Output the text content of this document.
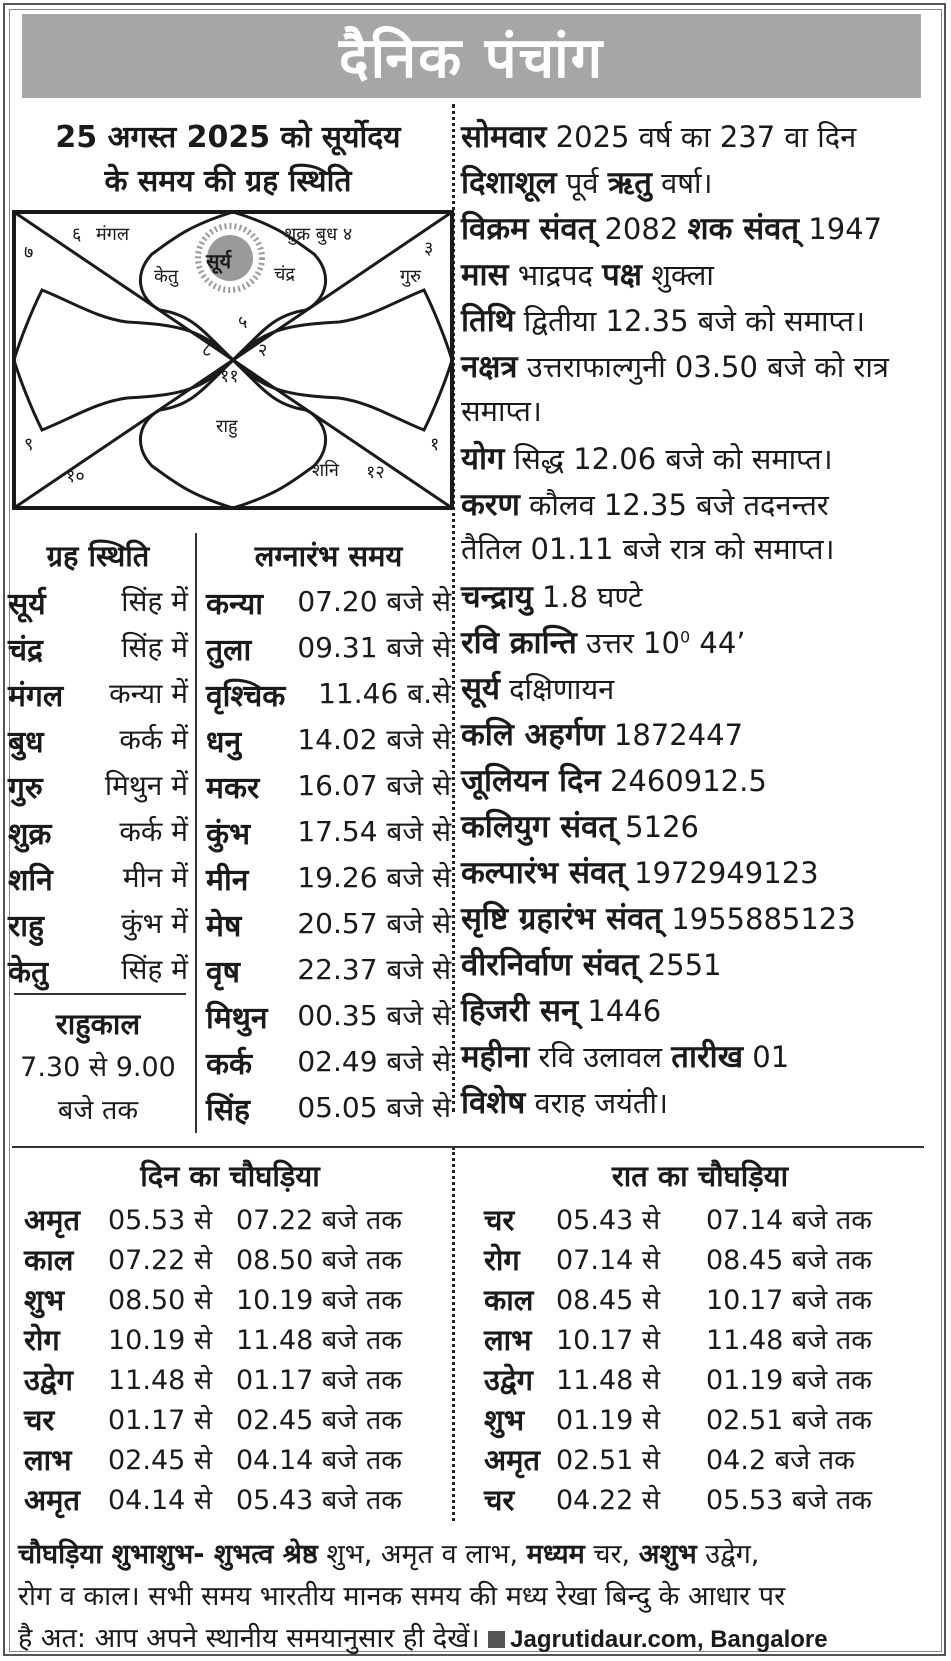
दैनिक पंचांग
25 अगस्त 2025 को सूर्योदय
के समय की ग्रह स्थिति
५
६
७	३
८	२
११
९	१
१०
मंगल	शुक्र बुध ४
केतु
सूर्य
चंद्र	गुरु
राहु
शनि १२
ग्रह स्थिति
सूर्य	सिंह में
चंद्र	सिंह में
मंगल कन्या में
बुध	कर्क में
गुरु मिथुन में
शुक्र कर्क में
शनि मीन में
राहु	कुंभ में
केतु	सिंह में
राहुकाल
7.30 से 9.00
बजे तक
लग्नारंभ समय
कन्या 07.20 बजे से
तुला 09.31 बजे से
वृश्चिक 11.46 ब.से
धनु 14.02 बजे से
मकर 16.07 बजे से
कुंभ 17.54 बजे से
मीन 19.26 बजे से
मेष 20.57 बजे से
वृष 22.37 बजे से
मिथुन 00.35 बजे से
कर्क 02.49 बजे से
सिंह 05.05 बजे से
सोमवार 2025 वर्ष का 237 वा दिन
दिशाशूल पूर्व ऋतु वर्षा।
विक्रम संवत् 2082 शक संवत् 1947
मास भाद्रपद पक्ष शुक्ला
तिथि द्वितीया 12.35 बजे को समाप्त।
नक्षत्र उत्तराफाल्गुनी 03.50 बजे को रात्र
समाप्त।
योग सिद्ध 12.06 बजे को समाप्त।
करण कौलव 12.35 बजे तदनन्तर
तैतिल 01.11 बजे रात्र को समाप्त।
चन्द्रायु 1.8 घण्टे
रवि क्रान्ति उत्तर $10^0$ 44’
सूर्य दक्षिणायन
कलि अहर्गण 1872447
जूलियन दिन 2460912.5
कलियुग संवत् 5126
कल्पारंभ संवत् 1972949123
सृष्टि ग्रहारंभ संवत् 1955885123
वीरनिर्वाण संवत् 2551
हिजरी सन् 1446
महीना रवि उलावल तारीख 01
विशेष वराह जयंती।
दिन का चौघड़िया
अमृत 05.53 से 07.22 बजे तक
काल 07.22 से 08.50 बजे तक
शुभ 08.50 से 10.19 बजे तक
रोग 10.19 से 11.48 बजे तक
उद्वेग 11.48 से 01.17 बजे तक
चर 01.17 से 02.45 बजे तक
लाभ 02.45 से 04.14 बजे तक
अमृत 04.14 से 05.43 बजे तक
रात का चौघड़िया
चर 05.43 से 07.14 बजे तक
रोग 07.14 से 08.45 बजे तक
काल 08.45 से 10.17 बजे तक
लाभ 10.17 से 11.48 बजे तक
उद्वेग 11.48 से 01.19 बजे तक
शुभ 01.19 से 02.51 बजे तक
अमृत 02.51 से 04.2 बजे तक
चर 04.22 से 05.53 बजे तक
चौघड़िया शुभाशुभ- शुभत्व श्रेष्ठ शुभ, अमृत व लाभ, मध्यम चर, अशुभ उद्वेग,
रोग व काल। सभी समय भारतीय मानक समय की मध्य रेखा बिन्दु के आधार पर
है अत: आप अपने स्थानीय समयानुसार ही देखें। Jagrutidaur.com, Bangalore
